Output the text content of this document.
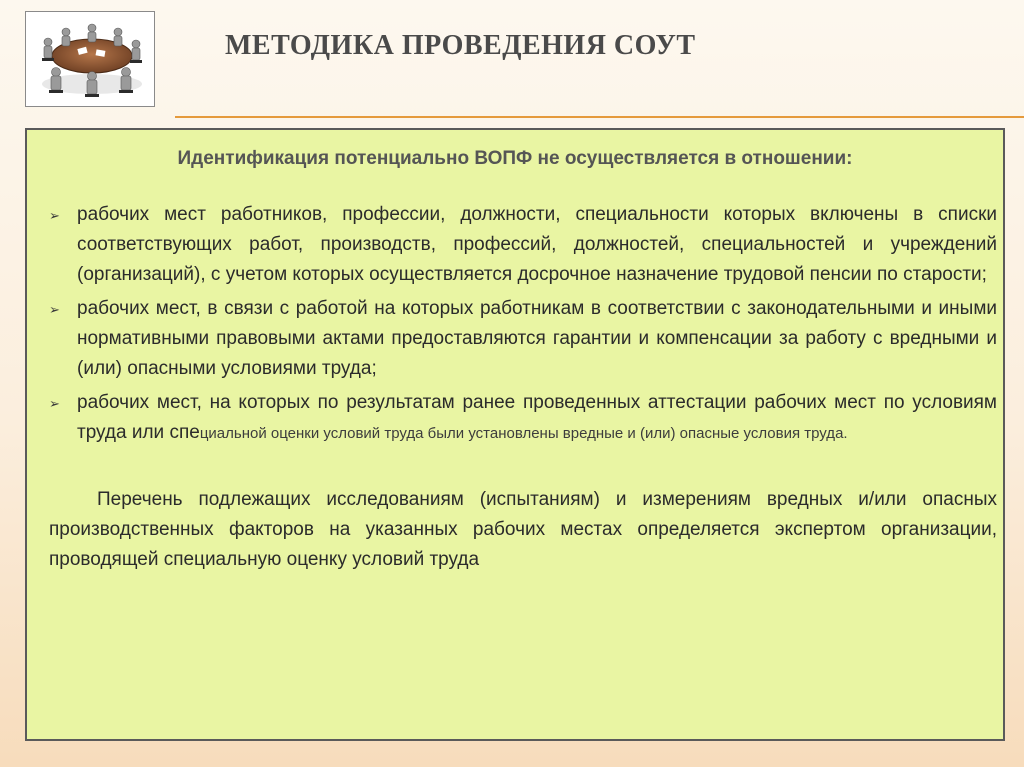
МЕТОДИКА ПРОВЕДЕНИЯ СОУТ
Идентификация потенциально ВОПФ не осуществляется в отношении:
➢ рабочих мест работников, профессии, должности, специальности которых включены в списки соответствующих работ, производств, профессий, должностей, специальностей и учреждений (организаций), с учетом которых осуществляется досрочное назначение трудовой пенсии по старости;
➢ рабочих мест, в связи с работой на которых работникам в соответствии с законодательными и иными нормативными правовыми актами предоставляются гарантии и компенсации за работу с вредными и (или) опасными условиями труда;
➢ рабочих мест, на которых по результатам ранее проведенных аттестации рабочих мест по условиям труда или специальной оценки условий труда были установлены вредные и (или) опасные условия труда.

Перечень подлежащих исследованиям (испытаниям) и измерениям вредных и/или опасных производственных факторов на указанных рабочих местах определяется экспертом организации, проводящей специальную оценку условий труда
